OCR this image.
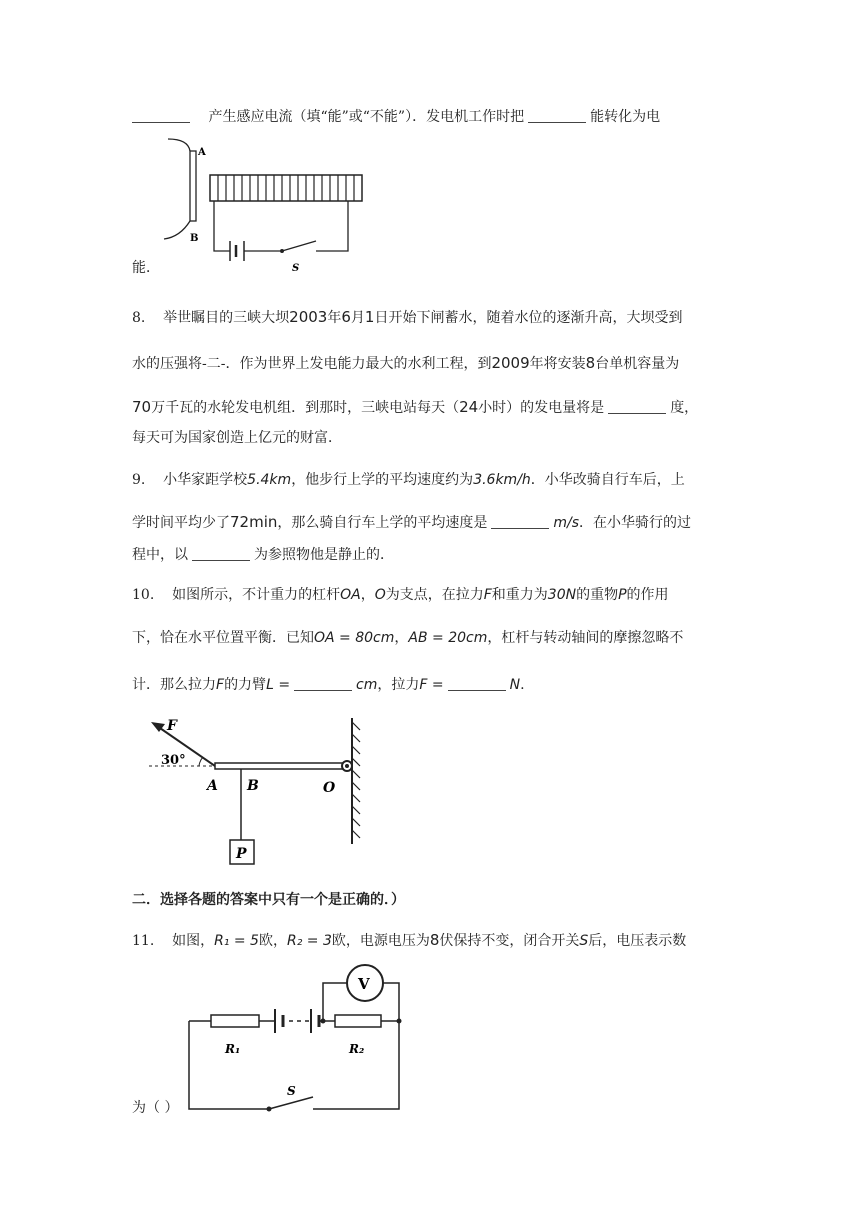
产生感应电流（填“能”或“不能”）．发电机工作时把	能转化为电
A
B
S
能．
8. 举世瞩目的三峡大坝2003年6月1日开始下闸蓄水，随着水位的逐渐升高，大坝受到
水的压强将-二-．作为世界上发电能力最大的水利工程，到2009年将安装8台单机容量为
70万千瓦的水轮发电机组．到那时，三峡电站每天（24小时）的发电量将是	度，
每天可为国家创造上亿元的财富．
9. 小华家距学校5.4km，他步行上学的平均速度约为3.6km/h．小华改骑自行车后，上
学时间平均少了72min，那么骑自行车上学的平均速度是	m/s．在小华骑行的过
程中，以	为参照物他是静止的．
10. 如图所示，不计重力的杠杆OA，O为支点，在拉力F和重力为30N的重物P的作用
下，恰在水平位置平衡．已知OA = 80cm，AB = 20cm，杠杆与转动轴间的摩擦忽略不
计．那么拉力F的力臂L =	cm，拉力F =	N.
F
30°
A B	O
P
二．选择各题的答案中只有一个是正确的．）
11. 如图，R₁ = 5欧，R₂ = 3欧，电源电压为8伏保持不变，闭合开关S后，电压表示数
V
R₁	R₂
S
为（ ）
